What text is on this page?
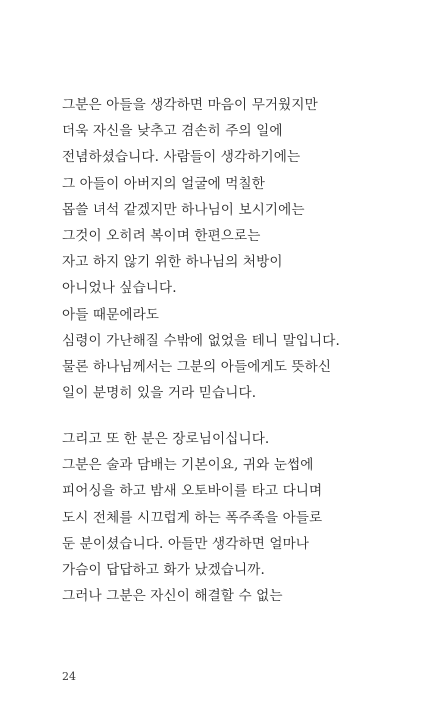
그분은 아들을 생각하면 마음이 무거웠지만
더욱 자신을 낮추고 겸손히 주의 일에
전념하셨습니다. 사람들이 생각하기에는
그 아들이 아버지의 얼굴에 먹칠한
몹쓸 녀석 같겠지만 하나님이 보시기에는
그것이 오히려 복이며 한편으로는
자고 하지 않기 위한 하나님의 처방이
아니었나 싶습니다.
아들 때문에라도
심령이 가난해질 수밖에 없었을 테니 말입니다.
물론 하나님께서는 그분의 아들에게도 뜻하신
일이 분명히 있을 거라 믿습니다.
그리고 또 한 분은 장로님이십니다.
그분은 술과 담배는 기본이요, 귀와 눈썹에
피어싱을 하고 밤새 오토바이를 타고 다니며
도시 전체를 시끄럽게 하는 폭주족을 아들로
둔 분이셨습니다. 아들만 생각하면 얼마나
가슴이 답답하고 화가 났겠습니까.
그러나 그분은 자신이 해결할 수 없는
24
